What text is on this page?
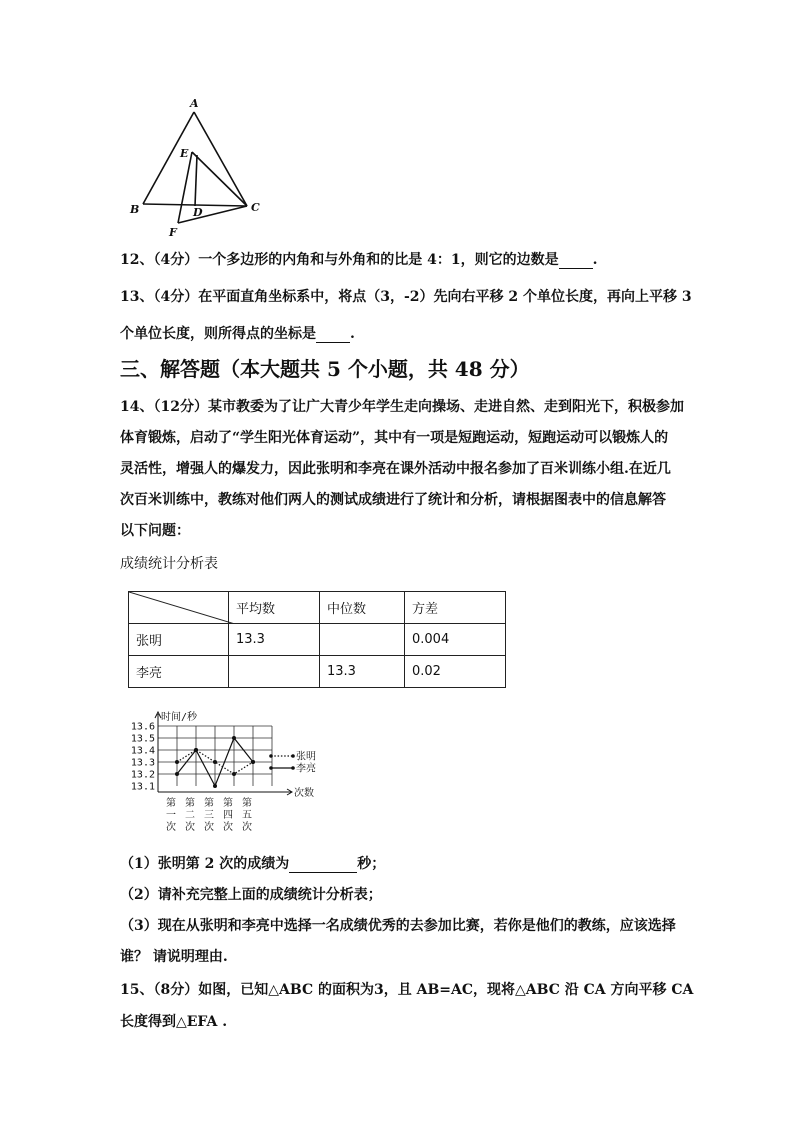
A
E
B	D	C
F
12、（4分）一个多边形的内角和与外角和的比是 4：1，则它的边数是 .
13、（4分）在平面直角坐标系中，将点（3，-2）先向右平移 2 个单位长度，再向上平移 3
个单位长度，则所得点的坐标是 .
三、解答题（本大题共 5 个小题，共 48 分）
14、（12分）某市教委为了让广大青少年学生走向操场、走进自然、走到阳光下，积极参加
体育锻炼，启动了“学生阳光体育运动”，其中有一项是短跑运动，短跑运动可以锻炼人的
灵活性，增强人的爆发力，因此张明和李亮在课外活动中报名参加了百米训练小组.在近几
次百米训练中，教练对他们两人的测试成绩进行了统计和分析，请根据图表中的信息解答
以下问题：
成绩统计分析表
	平均数	中位数	方差
张明	13.3		0.004
李亮		13.3	0.02
13.6
13.5
13.4
13.3
13.2
13.1
时间/秒
次数
第
一
次
第
二
次
第
三
次
第
四
次
第
五
次
张明
李亮
（1）张明第 2 次的成绩为	秒；
（2）请补充完整上面的成绩统计分析表；
（3）现在从张明和李亮中选择一名成绩优秀的去参加比赛，若你是他们的教练，应该选择
谁？ 请说明理由.
15、（8分）如图，已知△ABC 的面积为3，且 AB=AC，现将△ABC 沿 CA 方向平移 CA
长度得到△EFA .
